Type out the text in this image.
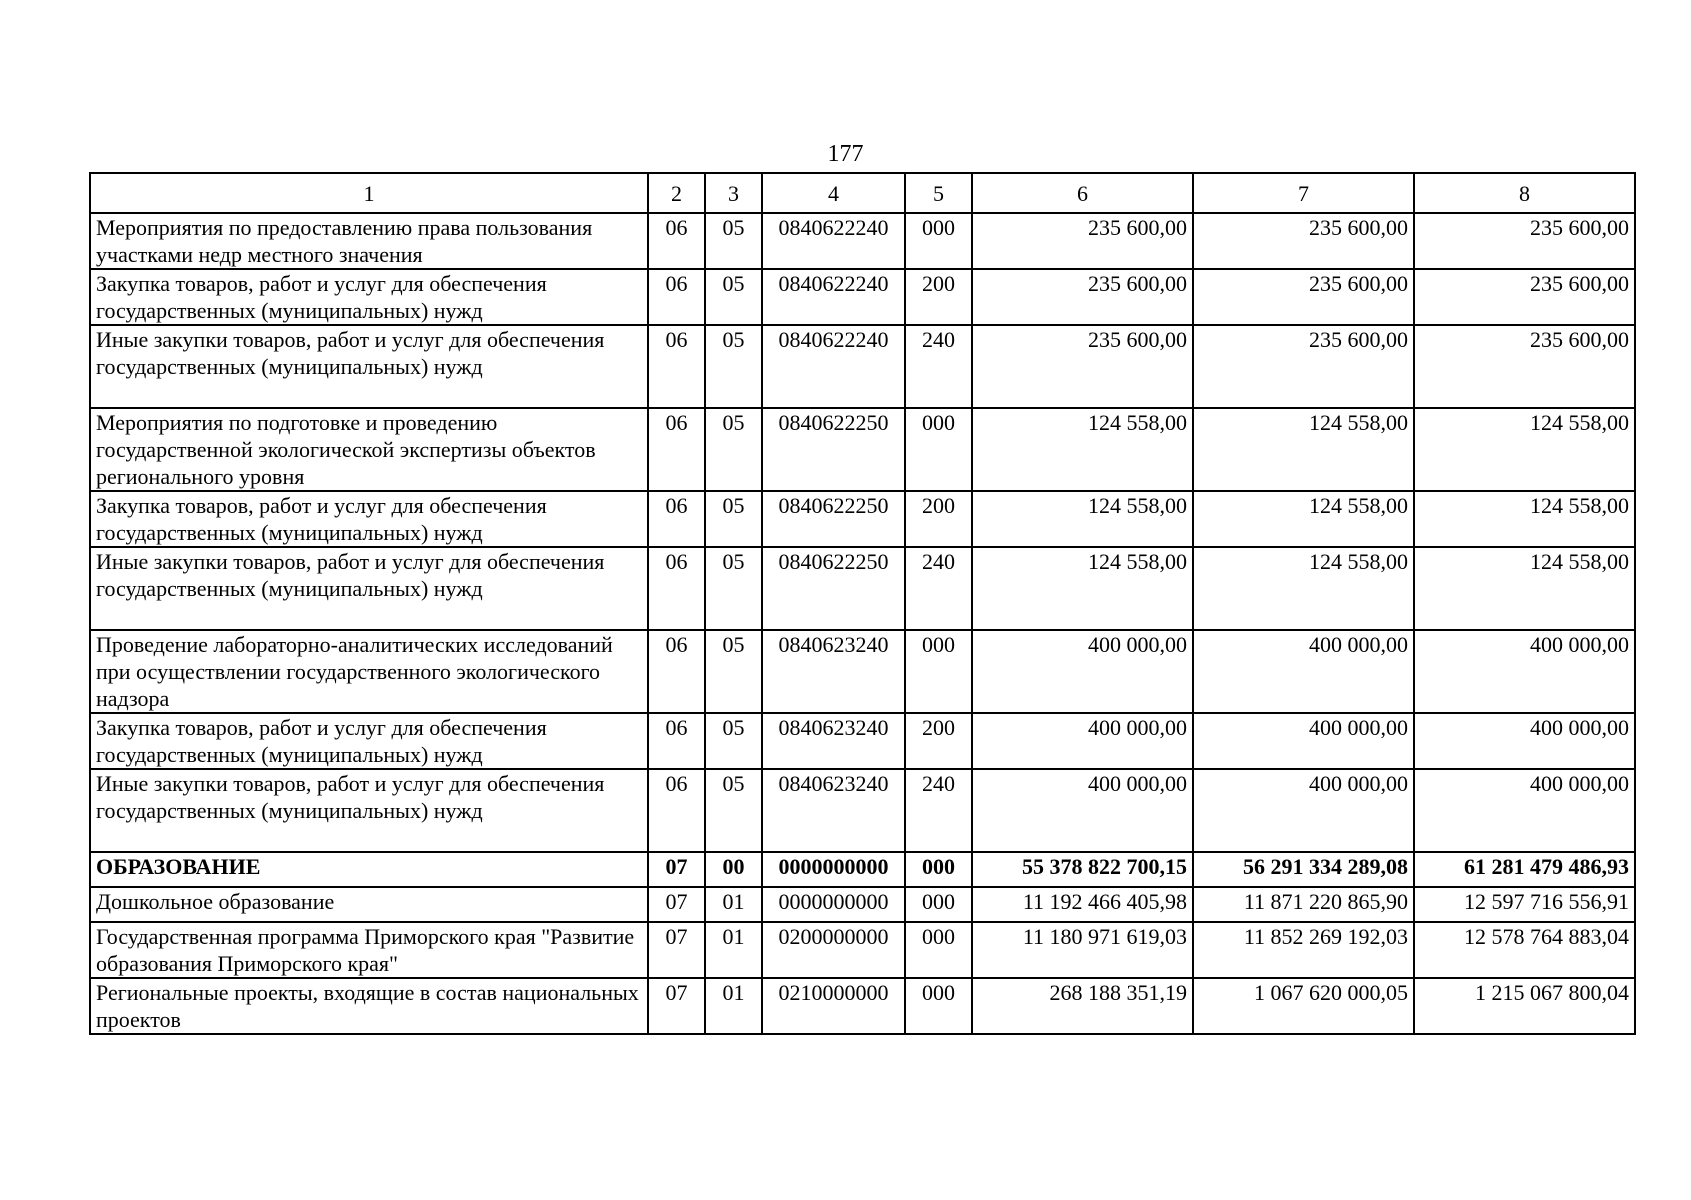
177
1	2	3	4	5	6	7	8
Мероприятия по предоставлению права пользования участками недр местного значения	06	05	0840622240	000	235 600,00	235 600,00	235 600,00
Закупка товаров, работ и услуг для обеспечения государственных (муниципальных) нужд	06	05	0840622240	200	235 600,00	235 600,00	235 600,00
Иные закупки товаров, работ и услуг для обеспечения государственных (муниципальных) нужд	06	05	0840622240	240	235 600,00	235 600,00	235 600,00
Мероприятия по подготовке и проведению государственной экологической экспертизы объектов регионального уровня	06	05	0840622250	000	124 558,00	124 558,00	124 558,00
Закупка товаров, работ и услуг для обеспечения государственных (муниципальных) нужд	06	05	0840622250	200	124 558,00	124 558,00	124 558,00
Иные закупки товаров, работ и услуг для обеспечения государственных (муниципальных) нужд	06	05	0840622250	240	124 558,00	124 558,00	124 558,00
Проведение лабораторно-аналитических исследований при осуществлении государственного экологического надзора	06	05	0840623240	000	400 000,00	400 000,00	400 000,00
Закупка товаров, работ и услуг для обеспечения государственных (муниципальных) нужд	06	05	0840623240	200	400 000,00	400 000,00	400 000,00
Иные закупки товаров, работ и услуг для обеспечения государственных (муниципальных) нужд	06	05	0840623240	240	400 000,00	400 000,00	400 000,00
ОБРАЗОВАНИЕ	07	00	0000000000	000	55 378 822 700,15	56 291 334 289,08	61 281 479 486,93
Дошкольное образование	07	01	0000000000	000	11 192 466 405,98	11 871 220 865,90	12 597 716 556,91
Государственная программа Приморского края "Развитие образования Приморского края"	07	01	0200000000	000	11 180 971 619,03	11 852 269 192,03	12 578 764 883,04
Региональные проекты, входящие в состав национальных проектов	07	01	0210000000	000	268 188 351,19	1 067 620 000,05	1 215 067 800,04
